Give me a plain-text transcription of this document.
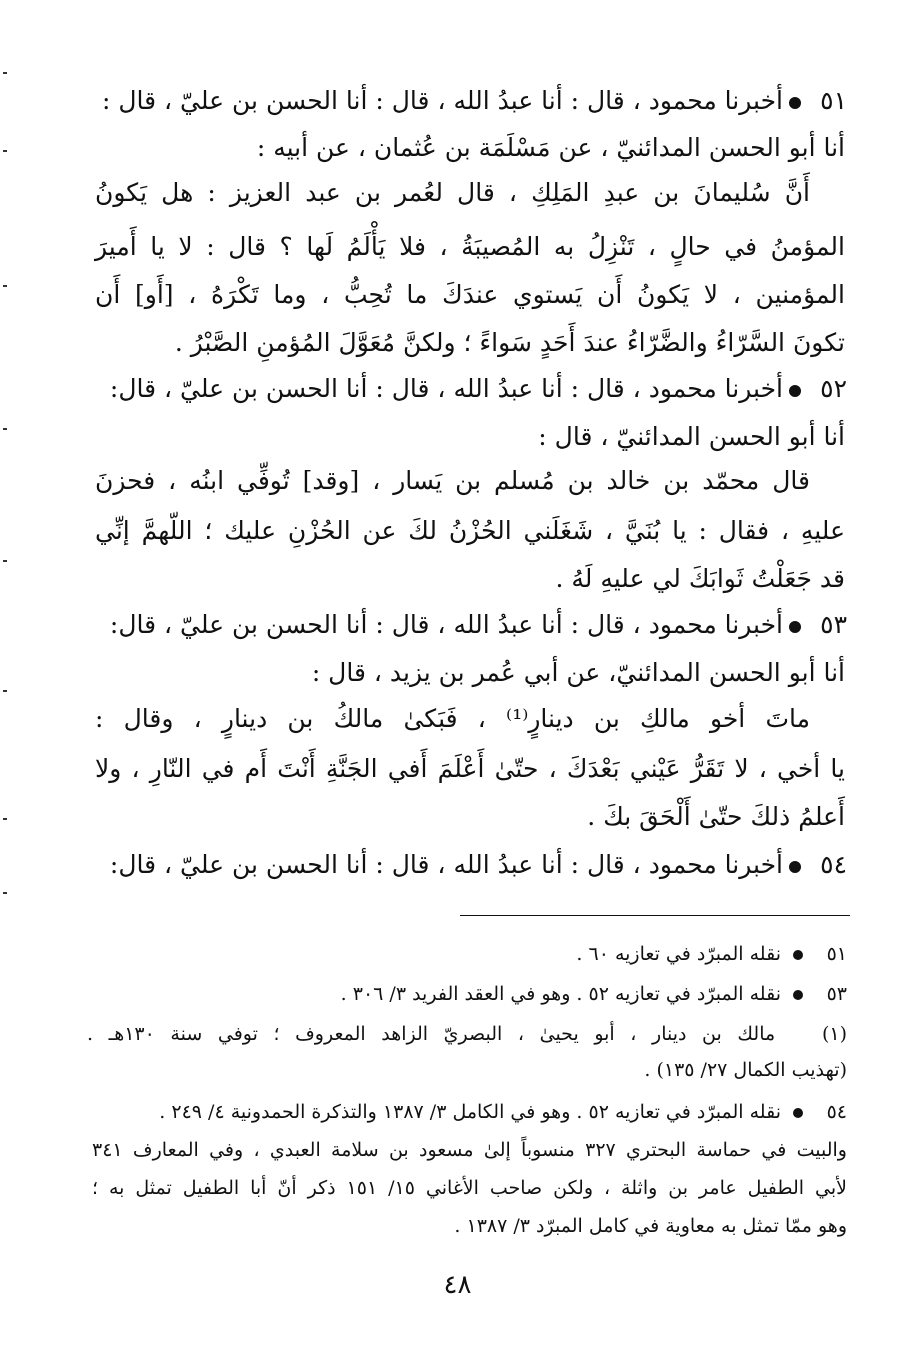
٥١أخبرنا محمود ، قال : أنا عبدُ الله ، قال : أنا الحسن بن عليّ ، قال :
أنا أبو الحسن المدائنيّ ، عن مَسْلَمَة بن عُثمان ، عن أبيه :
أَنَّ سُليمانَ بن عبدِ المَلِكِ ، قال لعُمر بن عبد العزيز : هل يَكونُ
المؤمنُ في حالٍ ، تَنْزِلُ به المُصيبَةُ ، فلا يَأْلَمُ لَها ؟ قال : لا يا أَميرَ
المؤمنين ، لا يَكونُ أَن يَستوي عندَكَ ما تُحِبُّ ، وما تَكْرَهُ ، [أَو] أَن
تكونَ السَّرّاءُ والضَّرّاءُ عندَ أَحَدٍ سَواءً ؛ ولكنَّ مُعَوَّلَ المُؤمنِ الصَّبْرُ .
٥٢أخبرنا محمود ، قال : أنا عبدُ الله ، قال : أنا الحسن بن عليّ ، قال:
أنا أبو الحسن المدائنيّ ، قال :
قال محمّد بن خالد بن مُسلم بن يَسار ، [وقد] تُوفِّي ابنُه ، فحزنَ
عليهِ ، فقال : يا بُنَيَّ ، شَغَلَني الحُزْنُ لكَ عن الحُزْنِ عليك ؛ اللّهمَّ إنِّي
قد جَعَلْتُ ثَوابَكَ لي عليهِ لَهُ .
٥٣أخبرنا محمود ، قال : أنا عبدُ الله ، قال : أنا الحسن بن عليّ ، قال:
أنا أبو الحسن المدائنيّ، عن أبي عُمر بن يزيد ، قال :
ماتَ أخو مالكِ بن دينارٍ⁽¹⁾ ، فَبَكىٰ مالكُ بن دينارٍ ، وقال :
يا أخي ، لا تَقَرُّ عَيْني بَعْدَكَ ، حتّىٰ أَعْلَمَ أَفي الجَنَّةِ أَنْتَ أَم في النّارِ ، ولا
أَعلمُ ذلكَ حتّىٰ أَلْحَقَ بكَ .
٥٤أخبرنا محمود ، قال : أنا عبدُ الله ، قال : أنا الحسن بن عليّ ، قال:
٥١نقله المبرّد في تعازيه ٦٠ .
٥٣نقله المبرّد في تعازيه ٥٢ . وهو في العقد الفريد ٣/ ٣٠٦ .
(١)   مالك بن دينار ، أبو يحيىٰ ، البصريّ الزاهد المعروف ؛ توفي سنة ١٣٠هـ .
(تهذيب الكمال ٢٧/ ١٣٥) .
٥٤نقله المبرّد في تعازيه ٥٢ . وهو في الكامل ٣/ ١٣٨٧ والتذكرة الحمدونية ٤/ ٢٤٩ .
والبيت في حماسة البحتري ٣٢٧ منسوباً إلىٰ مسعود بن سلامة العبدي ، وفي المعارف ٣٤١
لأبي الطفيل عامر بن واثلة ، ولكن صاحب الأغاني ١٥/ ١٥١ ذكر أنّ أبا الطفيل تمثل به ؛
وهو ممّا تمثل به معاوية في كامل المبرّد ٣/ ١٣٨٧ .
٤٨
